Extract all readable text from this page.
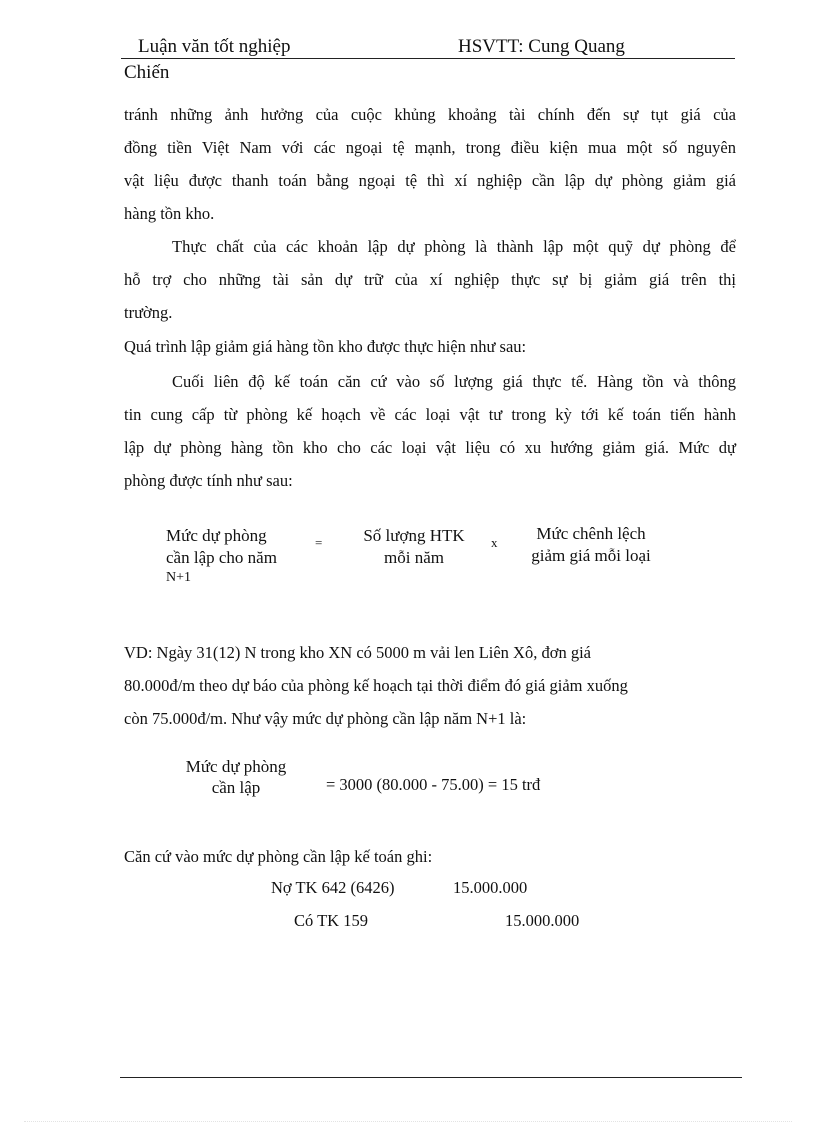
Luận văn tốt nghiệp	HSVTT: Cung Quang
Chiến
tránh những ảnh hưởng của cuộc khủng khoảng tài chính đến sự tụt giá của
đồng tiền Việt Nam với các ngoại tệ mạnh, trong điều kiện mua một số nguyên
vật liệu được thanh toán bằng ngoại tệ thì xí nghiệp cần lập dự phòng giảm giá
hàng tồn kho.
Thực chất của các khoản lập dự phòng là thành lập một quỹ dự phòng để
hỗ trợ cho những tài sản dự trữ của xí nghiệp thực sự bị giảm giá trên thị
trường.
Quá trình lập giảm giá hàng tồn kho được thực hiện như sau:
Cuối liên độ kế toán căn cứ vào số lượng giá thực tế. Hàng tồn và thông
tin cung cấp từ phòng kế hoạch về các loại vật tư trong kỳ tới kế toán tiến hành
lập dự phòng hàng tồn kho cho các loại vật liệu có xu hướng giảm giá. Mức dự
phòng được tính như sau:
Mức dự phòng
cần lập cho năm
N+1
=	Số lượng HTK
mỗi năm
x	Mức chênh lệch
giảm giá mỗi loại
VD: Ngày 31(12) N trong kho XN có 5000 m vải len Liên Xô, đơn giá
80.000đ/m theo dự báo của phòng kế hoạch tại thời điểm đó giá giảm xuống
còn 75.000đ/m. Như vậy mức dự phòng cần lập năm N+1 là:
Mức dự phòng
cần lập	= 3000 (80.000 - 75.00) = 15 trđ
Căn cứ vào mức dự phòng cần lập kế toán ghi:
Nợ TK 642 (6426)	15.000.000
Có TK 159	15.000.000
